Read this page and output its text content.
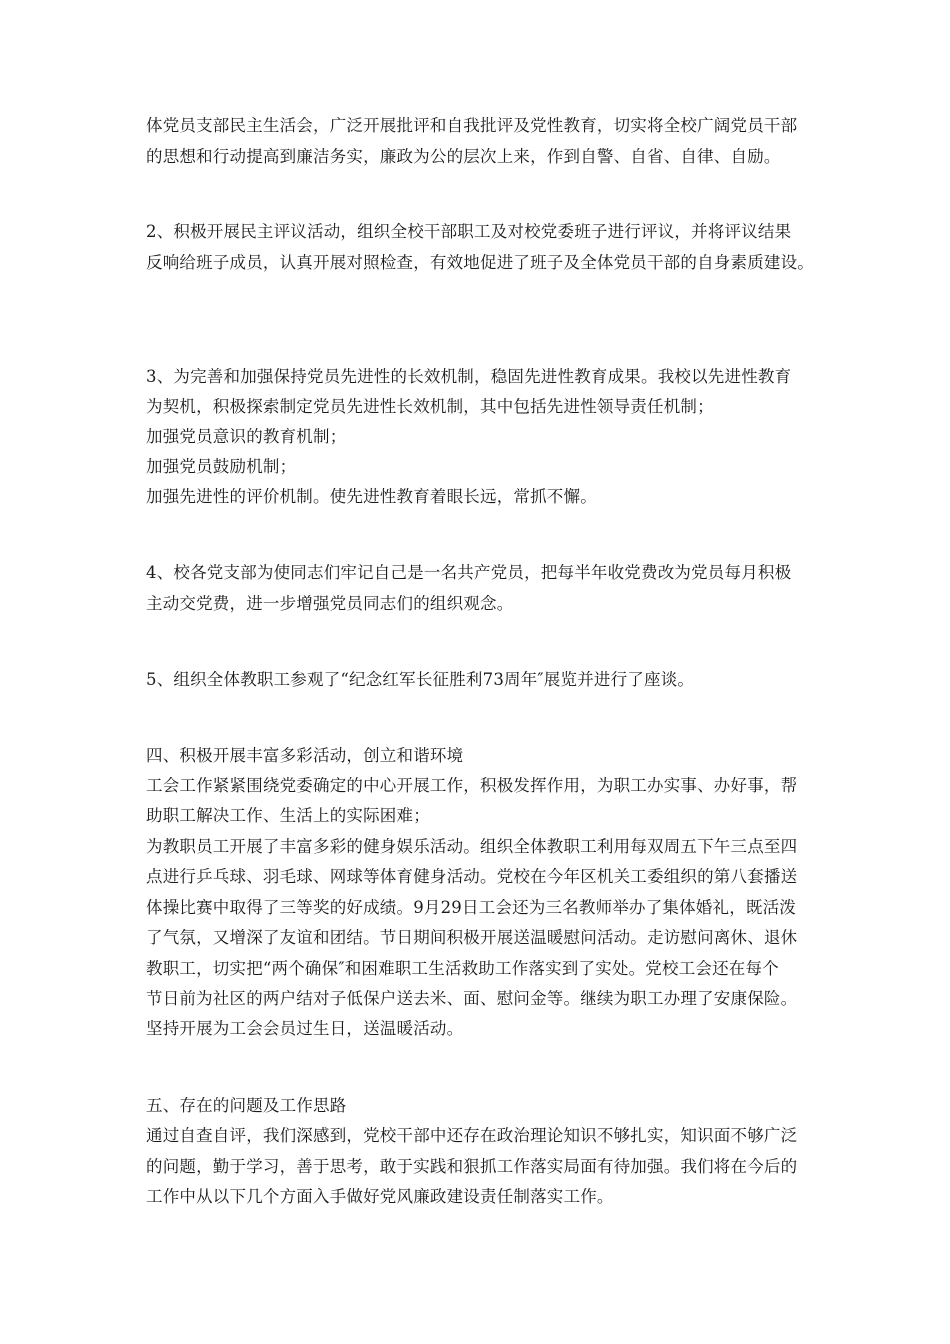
体党员支部民主生活会，广泛开展批评和自我批评及党性教育，切实将全校广阔党员干部
的思想和行动提高到廉洁务实，廉政为公的层次上来，作到自警、自省、自律、自励。
2、积极开展民主评议活动，组织全校干部职工及对校党委班子进行评议，并将评议结果
反响给班子成员，认真开展对照检查，有效地促进了班子及全体党员干部的自身素质建设。
3、为完善和加强保持党员先进性的长效机制，稳固先进性教育成果。我校以先进性教育
为契机，积极探索制定党员先进性长效机制，其中包括先进性领导责任机制；
加强党员意识的教育机制；
加强党员鼓励机制；
加强先进性的评价机制。使先进性教育着眼长远，常抓不懈。
4、校各党支部为使同志们牢记自己是一名共产党员，把每半年收党费改为党员每月积极
主动交党费，进一步增强党员同志们的组织观念。
5、组织全体教职工参观了“纪念红军长征胜利73周年″展览并进行了座谈。
四、积极开展丰富多彩活动，创立和谐环境
工会工作紧紧围绕党委确定的中心开展工作，积极发挥作用，为职工办实事、办好事，帮
助职工解决工作、生活上的实际困难；
为教职员工开展了丰富多彩的健身娱乐活动。组织全体教职工利用每双周五下午三点至四
点进行乒乓球、羽毛球、网球等体育健身活动。党校在今年区机关工委组织的第八套播送
体操比赛中取得了三等奖的好成绩。9月29日工会还为三名教师举办了集体婚礼，既活泼
了气氛，又增深了友谊和团结。节日期间积极开展送温暖慰问活动。走访慰问离休、退休
教职工，切实把“两个确保″和困难职工生活救助工作落实到了实处。党校工会还在每个
节日前为社区的两户结对子低保户送去米、面、慰问金等。继续为职工办理了安康保险。
坚持开展为工会会员过生日，送温暖活动。
五、存在的问题及工作思路
通过自查自评，我们深感到，党校干部中还存在政治理论知识不够扎实，知识面不够广泛
的问题，勤于学习，善于思考，敢于实践和狠抓工作落实局面有待加强。我们将在今后的
工作中从以下几个方面入手做好党风廉政建设责任制落实工作。
